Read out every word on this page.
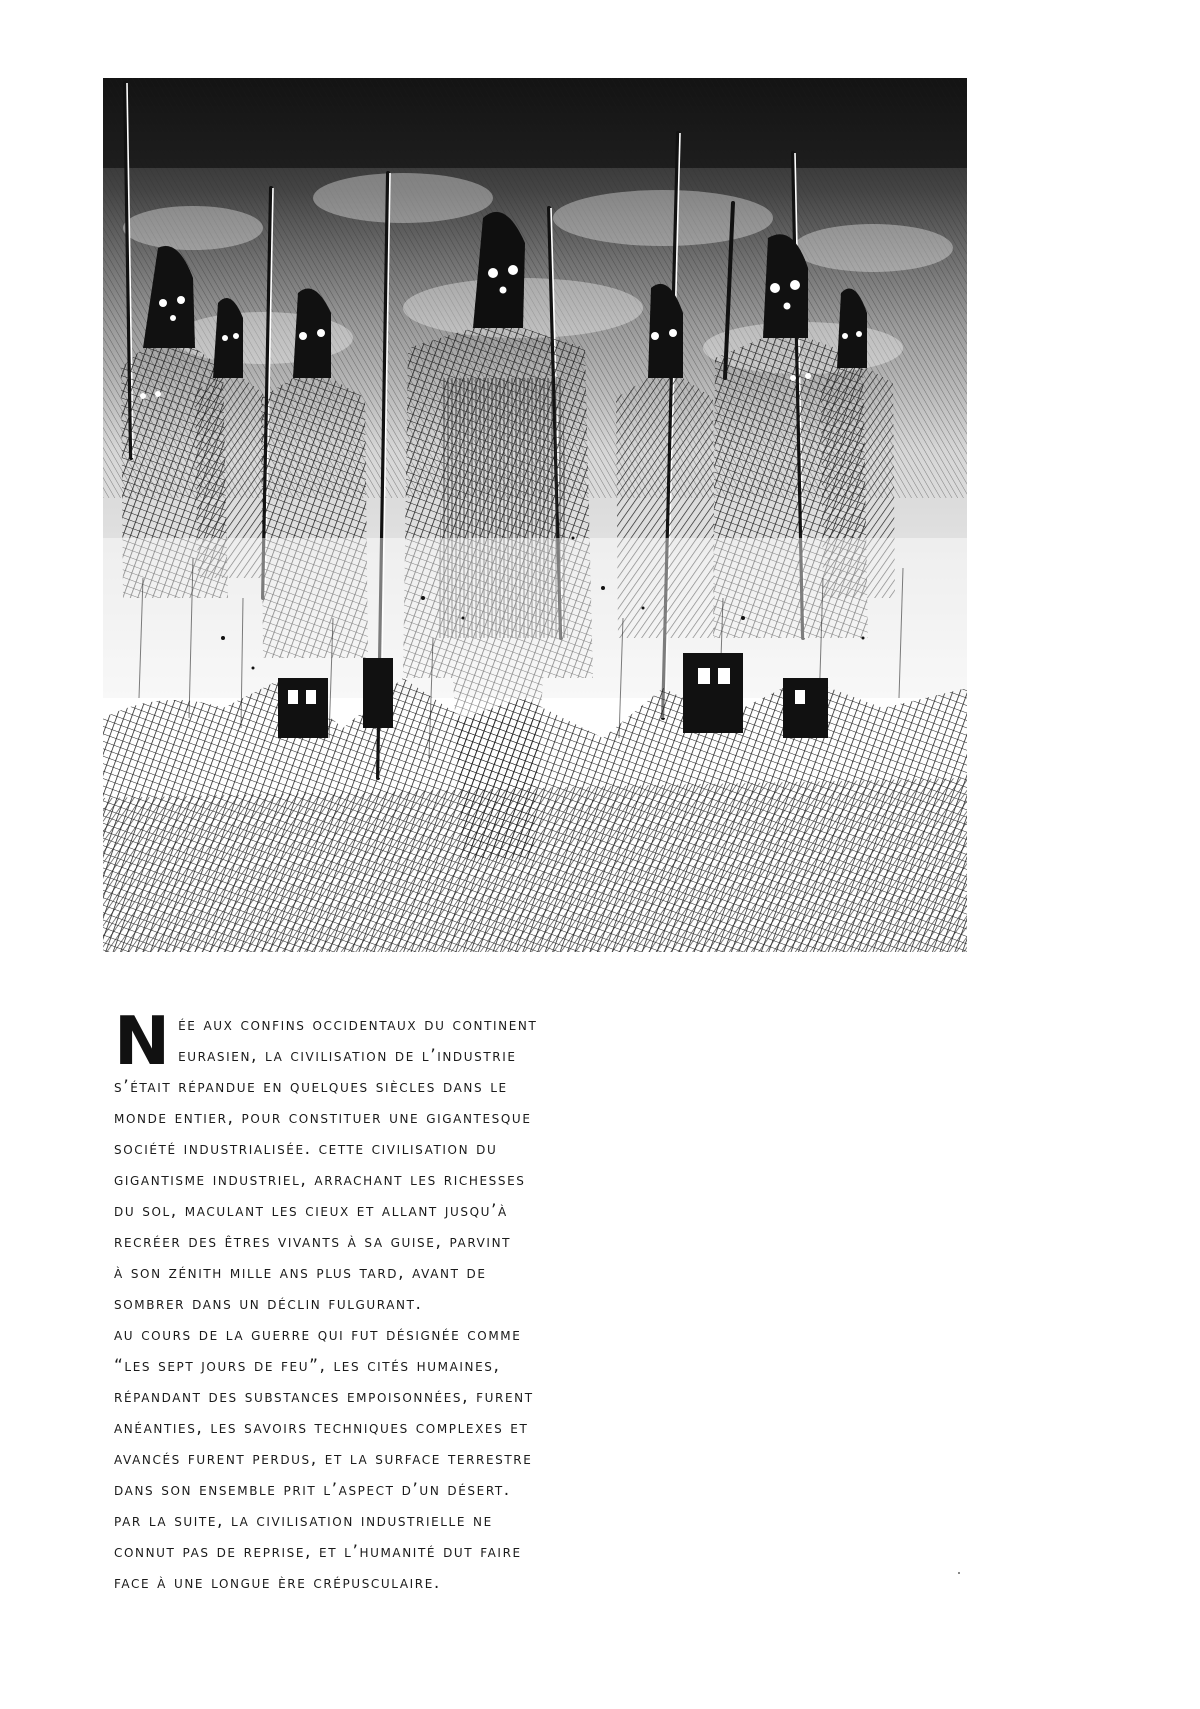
N ée aux confins occidentaux du continent
eurasien, la civilisation de l’industrie
s’était répandue en quelques siècles dans le
monde entier, pour constituer une gigantesque
société industrialisée. cette civilisation du
gigantisme industriel, arrachant les richesses
du sol, maculant les cieux et allant jusqu’à
recréer des êtres vivants à sa guise, parvint
à son zénith mille ans plus tard, avant de
sombrer dans un déclin fulgurant.
au cours de la guerre qui fut désignée comme
“les sept jours de feu”, les cités humaines,
répandant des substances empoisonnées, furent
anéanties, les savoirs techniques complexes et
avancés furent perdus, et la surface terrestre
dans son ensemble prit l’aspect d’un désert.
par la suite, la civilisation industrielle ne
connut pas de reprise, et l’humanité dut faire
face à une longue ère crépusculaire.
